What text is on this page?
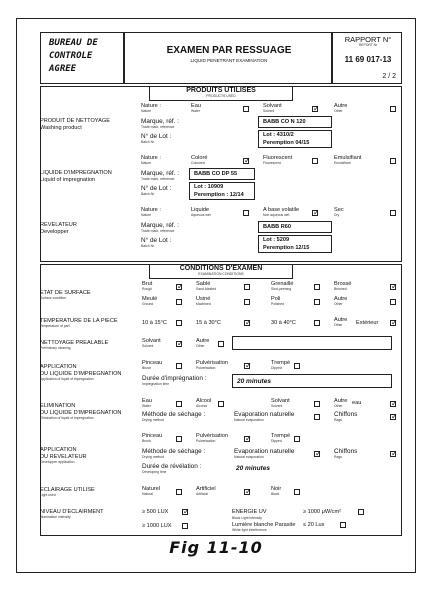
BUREAU DE
CONTROLE
AGREE
EXAMEN PAR RESSUAGE
LIQUID PENETRANT EXAMINATION
RAPPORT N°
REPORT Nr
11 69 017-13
2 / 2
PRODUITS UTILISES
PRODUCTS USED
PRODUIT DE NETTOYAGE
Washing product
Nature :
Nature
Eau
Water
Solvant
Solvent
✓
Autre
Other
Marque, réf. :
Trade mark, reference
BABB CO N 120
N° de Lot :
Batch Nr
Lot : 4310/2
Peremption 04/15
LIQUIDE D'IMPREGNATION
Liquid of impregnation
Nature :
Nature
Coloré
Coloured
✓
Fluorescent
Fluorescent
Emulsifiant
Emulsifiant
Marque, réf. :
Trade mark, reference
BABB CO DP 55
N° de Lot :
Batch Nr
Lot : 10909
Peremption : 12/14
REVELATEUR
Developper
Nature :
Nature
Liquide
Aqueous wet
A base volatile
Non aqueous wet
✓
Sec
Dry
Marque, réf. :
Trade mark, reference
BABB R60
N° de Lot :
Batch Nr
Lot : 5209
Peremption 12/15
CONDITIONS D'EXAMEN
EXAMINATION CONDITIONS
ETAT DE SURFACE
Surface condition
Brut
Rough
✓
Sablé
Sand-blasted
Grenaillé
Shot-peening
Brossé
Brushed
✓
Meulé
Ground
Usiné
Machined
Poli
Polished
Autre
Other
TEMPERATURE DE LA PIECE
Temperature of part	10 à 15°C	15 à 30°C
✓	30 à 40°C	Autre
Other Extérieur
✓
NETTOYAGE PREALABLE
Preliminary cleaning
Solvant
Solvent
✓
Autre
Other
APPLICATION
DU LIQUIDE D'IMPREGNATION
Application of liquid of impregnation
Pinceau
Brush
Pulvérisation
Pulverisation
✓
Trempé
Dipped
Durée d'imprégnation :
Impregnation time	20 minutes
ELIMINATION
DU LIQUIDE D'IMPREGNATION
Elimination of liquid of impregnation
Eau
Water
Alcool
Alcohol
Solvant
Solvent
Autre
Other eau
✓
Méthode de séchage :
Drying method
Evaporation naturelle
Natural evaporation
Chiffons
Rags
✓
APPLICATION
DU REVELATEUR
Developper application
Pinceau
Brush
Pulvérisation
Pulverisation
✓
Trempé
Dipped
Méthode de séchage :
Drying method
Evaporation naturelle
Natural evaporation
✓
Chiffons
Rags
✓
Durée de révélation :
Developing time	20 minutes
ECLAIRAGE UTILISE
Light used
Naturel
Natural
Artificiel
Artificial
✓
Noir
Black
NIVEAU D'ECLAIRMENT
Illumination intensity
≥ 500 LUX
✓
≥ 1000 LUX
ENERGIE UV	≥ 1000 μW/cm²
Black Light intensity
Lumière blanche Parasite ≤ 20 Lux
White light interference
Fig 11-10
